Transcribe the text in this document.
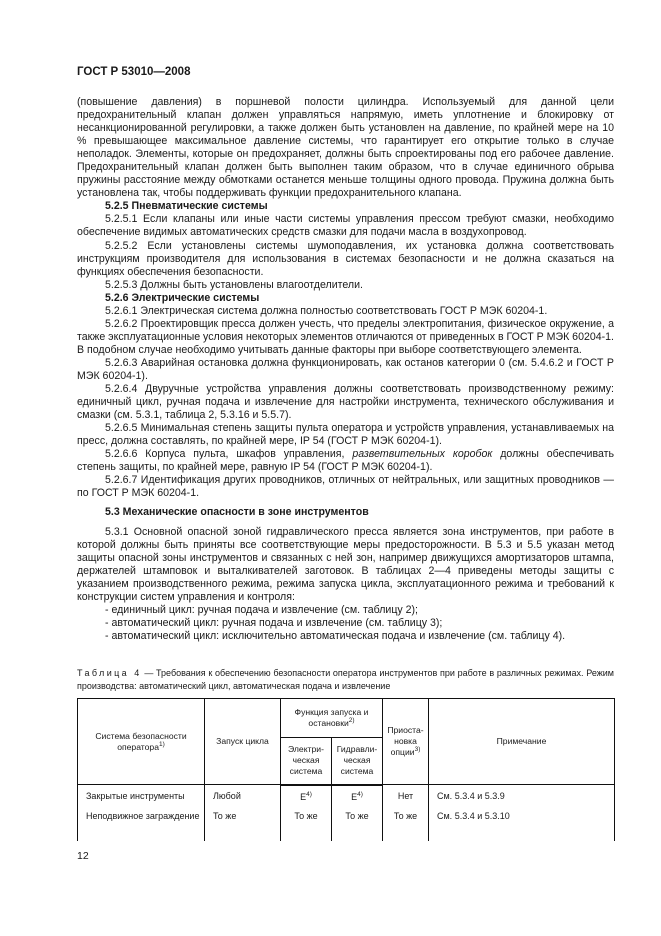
ГОСТ Р 53010—2008

(повышение давления) в поршневой полости цилиндра. Используемый для данной цели предохранительный клапан должен управляться напрямую, иметь уплотнение и блокировку от несанкционированной регулировки, а также должен быть установлен на давление, по крайней мере на 10 % превышающее максимальное давление системы, что гарантирует его открытие только в случае неполадок. Элементы, которые он предохраняет, должны быть спроектированы под его рабочее давление. Предохранительный клапан должен быть выполнен таким образом, что в случае единичного обрыва пружины расстояние между обмотками останется меньше толщины одного провода. Пружина должна быть установлена так, чтобы поддерживать функции предохранительного клапана.

5.2.5 Пневматические системы

5.2.5.1 Если клапаны или иные части системы управления прессом требуют смазки, необходимо обеспечение видимых автоматических средств смазки для подачи масла в воздухопровод.

5.2.5.2 Если установлены системы шумоподавления, их установка должна соответствовать инструкциям производителя для использования в системах безопасности и не должна сказаться на функциях обеспечения безопасности.

5.2.5.3 Должны быть установлены влагоотделители.

5.2.6 Электрические системы

5.2.6.1 Электрическая система должна полностью соответствовать ГОСТ Р МЭК 60204-1.

5.2.6.2 Проектировщик пресса должен учесть, что пределы электропитания, физическое окружение, а также эксплуатационные условия некоторых элементов отличаются от приведенных в ГОСТ Р МЭК 60204-1. В подобном случае необходимо учитывать данные факторы при выборе соответствующего элемента.

5.2.6.3 Аварийная остановка должна функционировать, как останов категории 0 (см. 5.4.6.2 и ГОСТ Р МЭК 60204-1).

5.2.6.4 Двуручные устройства управления должны соответствовать производственному режиму: единичный цикл, ручная подача и извлечение для настройки инструмента, технического обслуживания и смазки (см. 5.3.1, таблица 2, 5.3.16 и 5.5.7).

5.2.6.5 Минимальная степень защиты пульта оператора и устройств управления, устанавливаемых на пресс, должна составлять, по крайней мере, IP 54 (ГОСТ Р МЭК 60204-1).

5.2.6.6 Корпуса пульта, шкафов управления, разветвительных коробок должны обеспечивать степень защиты, по крайней мере, равную IP 54 (ГОСТ Р МЭК 60204-1).

5.2.6.7 Идентификация других проводников, отличных от нейтральных, или защитных проводников — по ГОСТ Р МЭК 60204-1.

5.3 Механические опасности в зоне инструментов

5.3.1 Основной опасной зоной гидравлического пресса является зона инструментов, при работе в которой должны быть приняты все соответствующие меры предосторожности. В 5.3 и 5.5 указан метод защиты опасной зоны инструментов и связанных с ней зон, например движущихся амортизаторов штампа, держателей штамповок и выталкивателей заготовок. В таблицах 2—4 приведены методы защиты с указанием производственного режима, режима запуска цикла, эксплуатационного режима и требований к конструкции систем управления и контроля:

- единичный цикл: ручная подача и извлечение (см. таблицу 2);

- автоматический цикл: ручная подача и извлечение (см. таблицу 3);

- автоматический цикл: исключительно автоматическая подача и извлечение (см. таблицу 4).

Таблица 4 — Требования к обеспечению безопасности оператора инструментов при работе в различных режимах. Режим производства: автоматический цикл, автоматическая подача и извлечение
Система безопасности оператора$^{1)}$	Запуск цикла	Функция запуска и остановки$^{2)}$		Приоста-новка опции$^{3)}$	Примечание
		Электри-ческая система	Гидравли-ческая система		
Закрытые инструменты	Любой	$E^{4)}$	$E^{4)}$	Нет	См. 5.3.4 и 5.3.9
Неподвижное заграждение	То же	То же	То же	То же	См. 5.3.4 и 5.3.10
12
